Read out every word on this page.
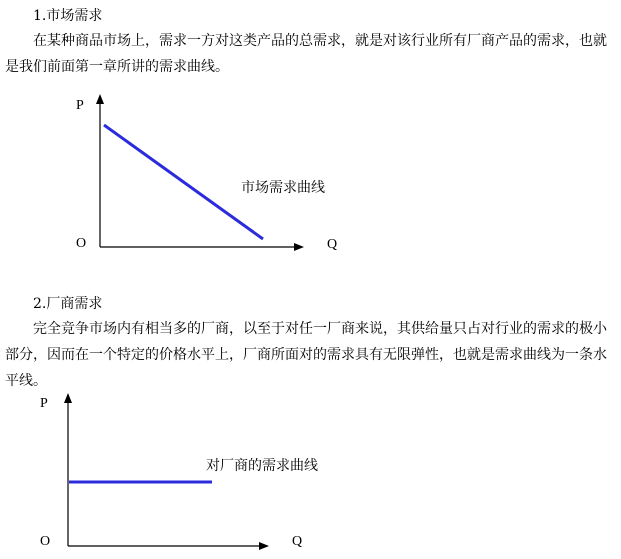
1.市场需求
在某种商品市场上，需求一方对这类产品的总需求，就是对该行业所有厂商产品的需求，也就
是我们前面第一章所讲的需求曲线。
P
O	Q
市场需求曲线
2.厂商需求
完全竞争市场内有相当多的厂商，以至于对任一厂商来说，其供给量只占对行业的需求的极小
部分，因而在一个特定的价格水平上，厂商所面对的需求具有无限弹性，也就是需求曲线为一条水
平线。
P
O	Q
对厂商的需求曲线
